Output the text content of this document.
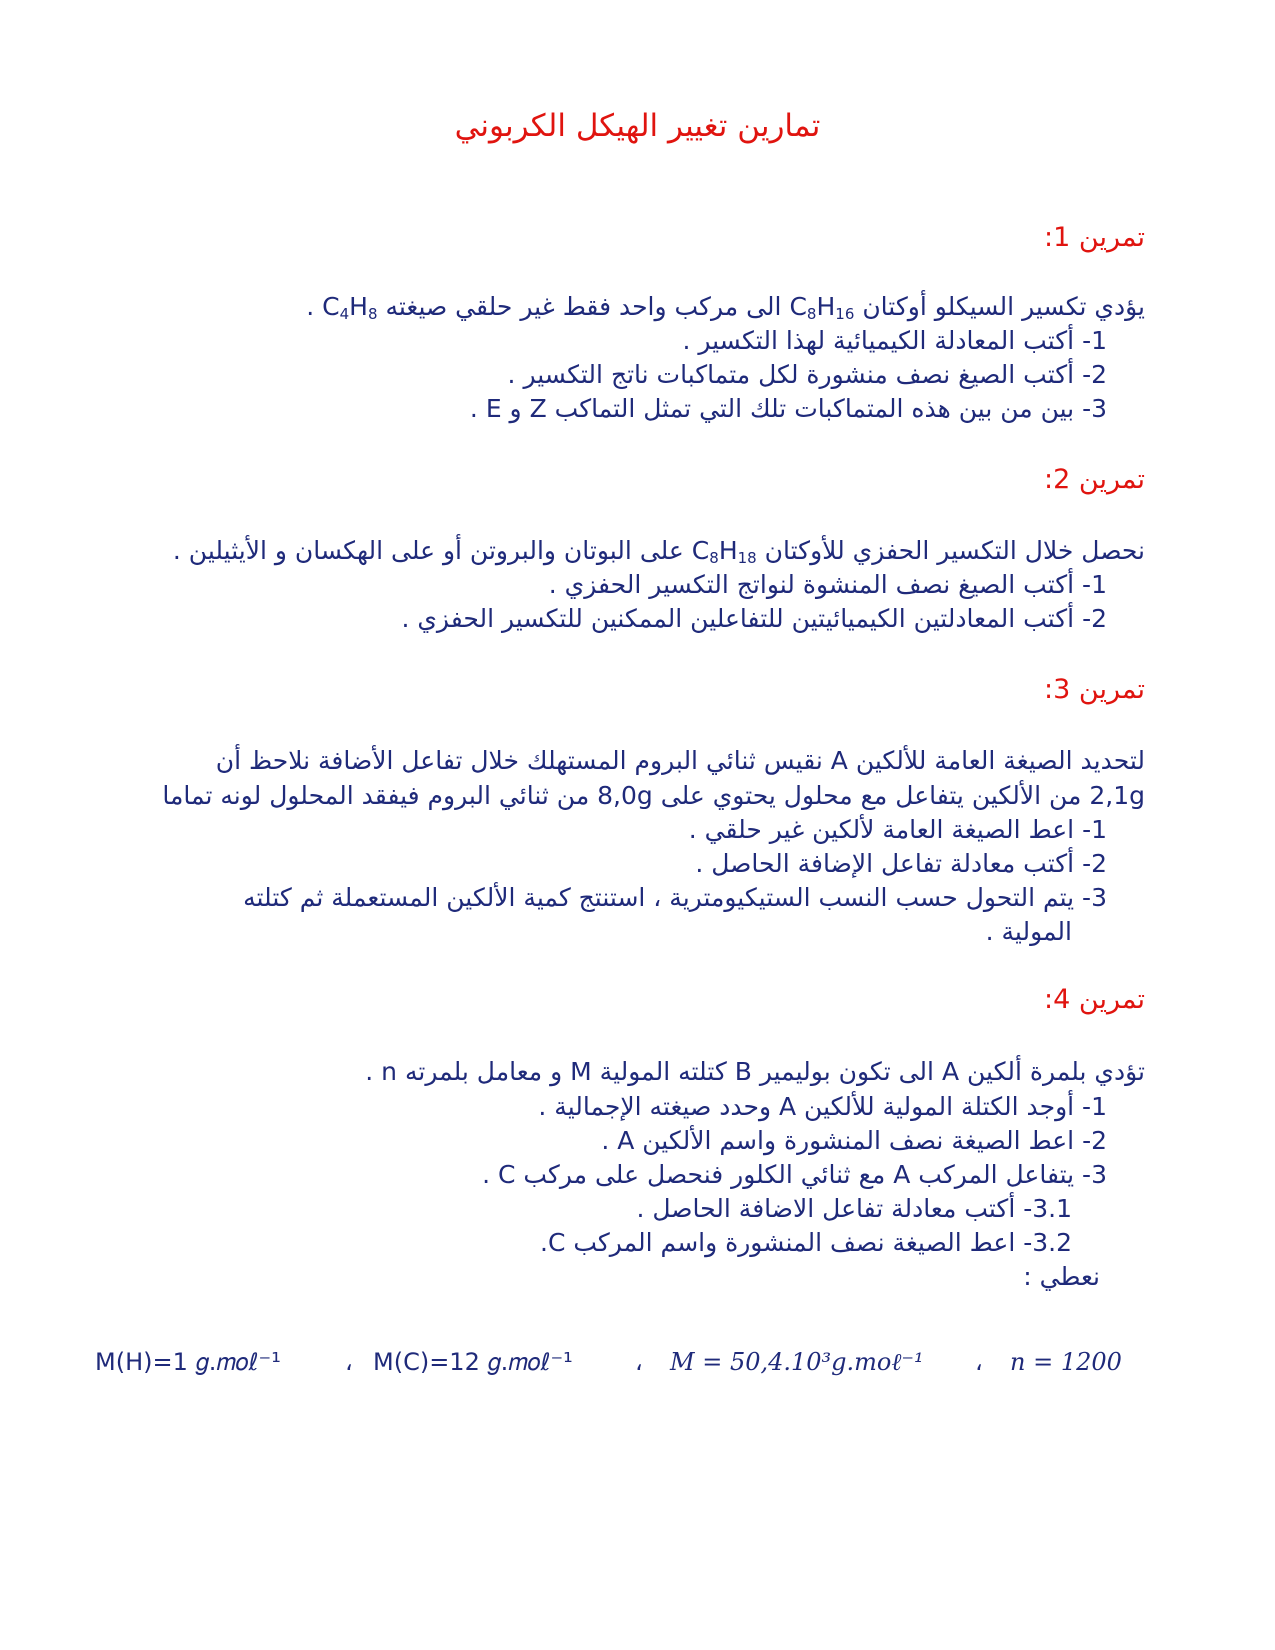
تمارين تغيير الهيكل الكربوني
تمرين 1:
يؤدي تكسير السيكلو أوكتان $C_8H_{16}$ الى مركب واحد فقط غير حلقي صيغته $C_4H_8$ .
1- أكتب المعادلة الكيميائية لهذا التكسير .
2- أكتب الصيغ نصف منشورة لكل متماكبات ناتج التكسير .
3- بين من بين هذه المتماكبات تلك التي تمثل التماكب Z و E .
تمرين 2:
نحصل خلال التكسير الحفزي للأوكتان $C_8H_{18}$ على البوتان والبروتن أو على الهكسان و الأيثيلين .
1- أكتب الصيغ نصف المنشوة لنواتج التكسير الحفزي .
2- أكتب المعادلتين الكيميائيتين للتفاعلين الممكنين للتكسير الحفزي .
تمرين 3:
لتحديد الصيغة العامة للألكين A نقيس ثنائي البروم المستهلك خلال تفاعل الأضافة نلاحظ أن
2,1g من الألكين يتفاعل مع محلول يحتوي على 8,0g من ثنائي البروم فيفقد المحلول لونه تماما
1- اعط الصيغة العامة لألكين غير حلقي .
2- أكتب معادلة تفاعل الإضافة الحاصل .
3- يتم التحول حسب النسب الستيكيومترية ، استنتج كمية الألكين المستعملة ثم كتلته
المولية .
تمرين 4:
تؤدي بلمرة ألكين A الى تكون بوليمير B كتلته المولية M و معامل بلمرته n .
1- أوجد الكتلة المولية للألكين A وحدد صيغته الإجمالية .
2- اعط الصيغة نصف المنشورة واسم الألكين A .
3- يتفاعل المركب A مع ثنائي الكلور فنحصل على مركب C .
3.1- أكتب معادلة تفاعل الاضافة الحاصل .
3.2- اعط الصيغة نصف المنشورة واسم المركب C.
نعطي :
M(H)=1 𝑔.𝑚𝑜ℓ⁻¹	، M(C)=12 𝑔.𝑚𝑜ℓ⁻¹	، 𝑀 = 50,4.10³𝑔.𝑚𝑜ℓ⁻¹ ، 𝑛 = 1200
